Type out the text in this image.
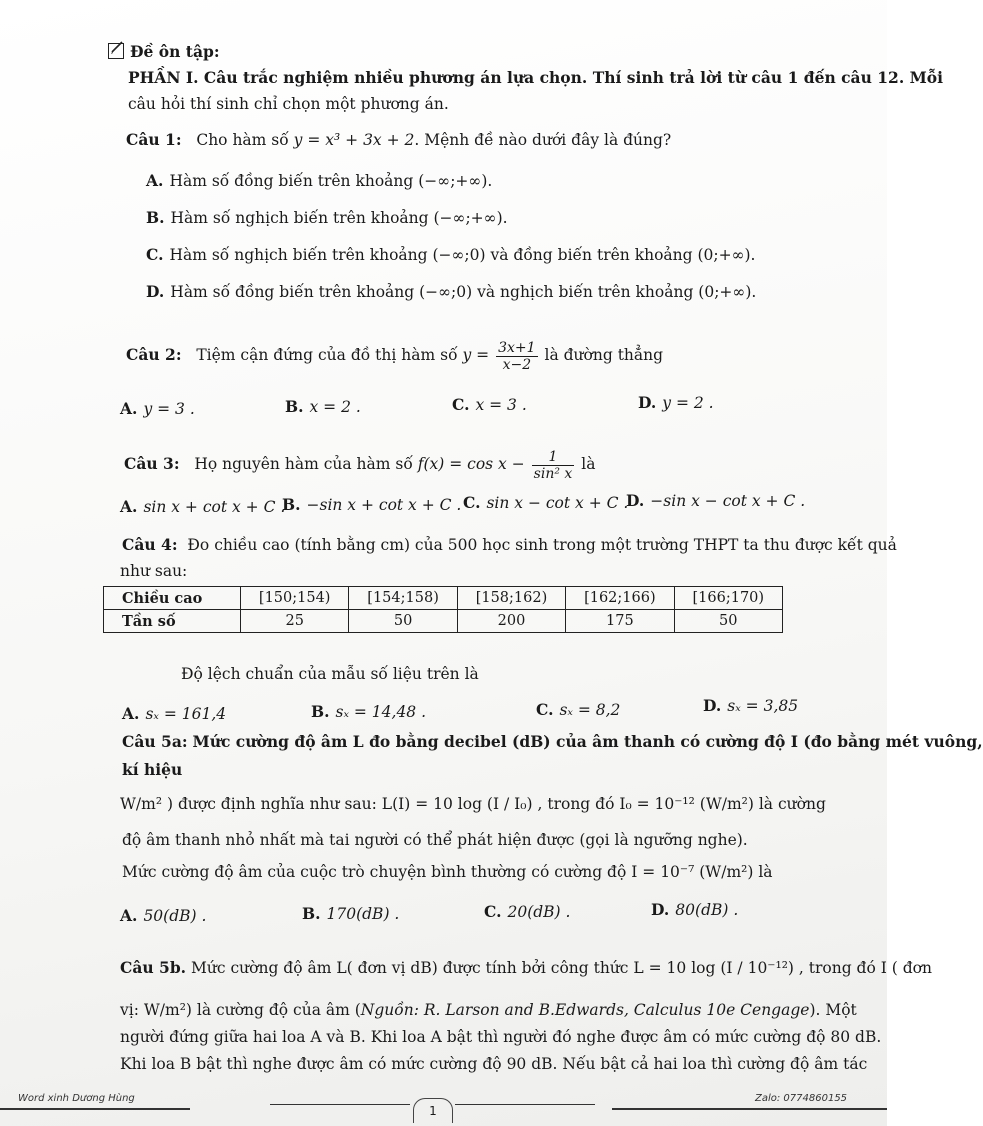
Đề ôn tập:
PHẦN I. Câu trắc nghiệm nhiều phương án lựa chọn. Thí sinh trả lời từ câu 1 đến câu 12. Mỗi
câu hỏi thí sinh chỉ chọn một phương án.
Câu 1: Cho hàm số y = x³ + 3x + 2. Mệnh đề nào dưới đây là đúng?
A. Hàm số đồng biến trên khoảng (−∞;+∞).
B. Hàm số nghịch biến trên khoảng (−∞;+∞).
C. Hàm số nghịch biến trên khoảng (−∞;0) và đồng biến trên khoảng (0;+∞).
D. Hàm số đồng biến trên khoảng (−∞;0) và nghịch biến trên khoảng (0;+∞).
Câu 2: Tiệm cận đứng của đồ thị hàm số $y = \frac{3x+1}{x-2}$ là đường thẳng
A. y = 3 .	B. x = 2 .	C. x = 3 .	D. y = 2 .
Câu 3: Họ nguyên hàm của hàm số $f(x) = \cos x - \frac{1}{\text{sin² x}}$ là
A. sin x + cot x + C .
B. −sin x + cot x + C . C. sin x − cot x + C .
D. −sin x − cot x + C .
Câu 4: Đo chiều cao (tính bằng cm) của 500 học sinh trong một trường THPT ta thu được kết quả
như sau:
Chiều cao	[150;154)	[154;158)	[158;162)	[162;166)	[166;170)
Tần số	25	50	200	175	50
Độ lệch chuẩn của mẫu số liệu trên là
A. sₓ = 161,4	B. sₓ = 14,48 .	C. sₓ = 8,2	D. sₓ = 3,85
Câu 5a: Mức cường độ âm L đo bằng decibel (dB) của âm thanh có cường độ I (đo bằng mét vuông,
kí hiệu
W/m² ) được định nghĩa như sau: L(I) = 10 log (I / I₀) , trong đó I₀ = 10⁻¹² (W/m²) là cường
độ âm thanh nhỏ nhất mà tai người có thể phát hiện được (gọi là ngưỡng nghe).
Mức cường độ âm của cuộc trò chuyện bình thường có cường độ I = 10⁻⁷ (W/m²) là
A. 50(dB) .	B. 170(dB) .	C. 20(dB) .	D. 80(dB) .
Câu 5b. Mức cường độ âm L( đơn vị dB) được tính bởi công thức L = 10 log (I / 10⁻¹²) , trong đó I ( đơn
vị: W/m²) là cường độ của âm (Nguồn: R. Larson and B.Edwards, Calculus 10e Cengage). Một
người đứng giữa hai loa A và B. Khi loa A bật thì người đó nghe được âm có mức cường độ 80 dB.
Khi loa B bật thì nghe được âm có mức cường độ 90 dB. Nếu bật cả hai loa thì cường độ âm tác
Word xinh Dương Hùng
1
Zalo: 0774860155
